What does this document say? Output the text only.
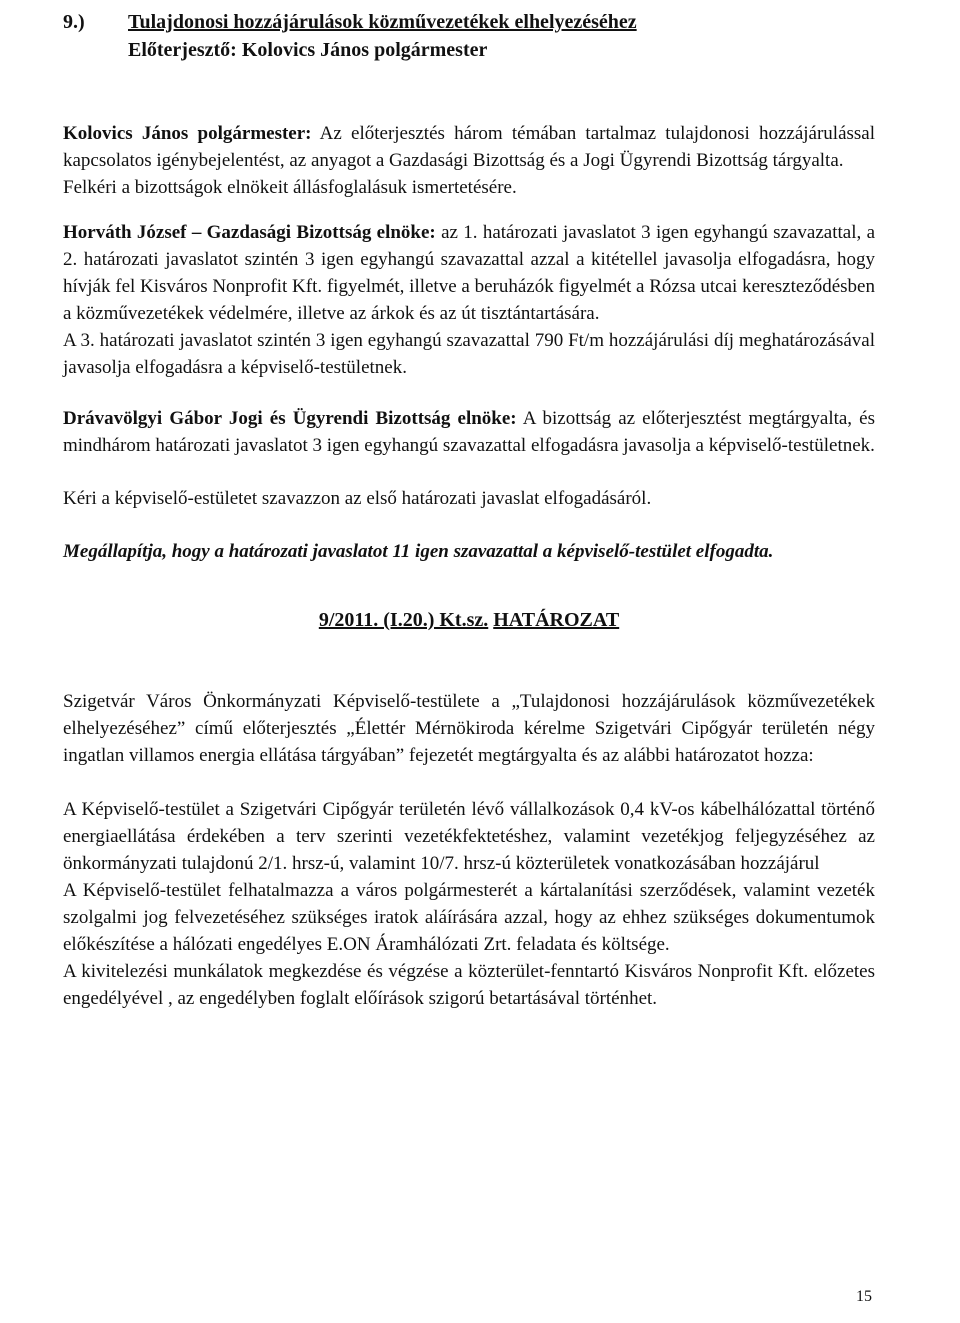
9.)	Tulajdonosi hozzájárulások közművezetékek elhelyezéséhez
Előterjesztő: Kolovics János polgármester

Kolovics János polgármester: Az előterjesztés három témában tartalmaz tulajdonosi hozzájárulással kapcsolatos igénybejelentést, az anyagot a Gazdasági Bizottság és a Jogi Ügyrendi Bizottság tárgyalta.

Felkéri a bizottságok elnökeit állásfoglalásuk ismertetésére.

Horváth József – Gazdasági Bizottság elnöke: az 1. határozati javaslatot 3 igen egyhangú szavazattal, a 2. határozati javaslatot szintén 3 igen egyhangú szavazattal azzal a kitétellel javasolja elfogadásra, hogy hívják fel Kisváros Nonprofit Kft. figyelmét, illetve a beruházók figyelmét a Rózsa utcai kereszteződésben a közművezetékek védelmére, illetve az árkok és az út tisztántartására.

A 3. határozati javaslatot szintén 3 igen egyhangú szavazattal 790 Ft/m hozzájárulási díj meghatározásával javasolja elfogadásra a képviselő-testületnek.

Drávavölgyi Gábor Jogi és Ügyrendi Bizottság elnöke: A bizottság az előterjesztést megtárgyalta, és mindhárom határozati javaslatot 3 igen egyhangú szavazattal elfogadásra javasolja a képviselő-testületnek.

Kéri a képviselő-estületet szavazzon az első határozati javaslat elfogadásáról.

Megállapítja, hogy a határozati javaslatot 11 igen szavazattal a képviselő-testület elfogadta.

9/2011. (I.20.) Kt.sz. HATÁROZAT

Szigetvár Város Önkormányzati Képviselő-testülete a „Tulajdonosi hozzájárulások közművezetékek elhelyezéséhez” című előterjesztés „Élettér Mérnökiroda kérelme Szigetvári Cipőgyár területén négy ingatlan villamos energia ellátása tárgyában” fejezetét megtárgyalta és az alábbi határozatot hozza:

A Képviselő-testület a Szigetvári Cipőgyár területén lévő vállalkozások 0,4 kV-os kábelhálózattal történő energiaellátása érdekében a terv szerinti vezetékfektetéshez, valamint vezetékjog feljegyzéséhez az önkormányzati tulajdonú 2/1. hrsz-ú, valamint 10/7. hrsz-ú közterületek vonatkozásában hozzájárul

A Képviselő-testület felhatalmazza a város polgármesterét a kártalanítási szerződések, valamint vezeték szolgalmi jog felvezetéséhez szükséges iratok aláírására azzal, hogy az ehhez szükséges dokumentumok előkészítése a hálózati engedélyes E.ON Áramhálózati Zrt. feladata és költsége.

A kivitelezési munkálatok megkezdése és végzése a közterület-fenntartó Kisváros Nonprofit Kft. előzetes engedélyével , az engedélyben foglalt előírások szigorú betartásával történhet.

15
